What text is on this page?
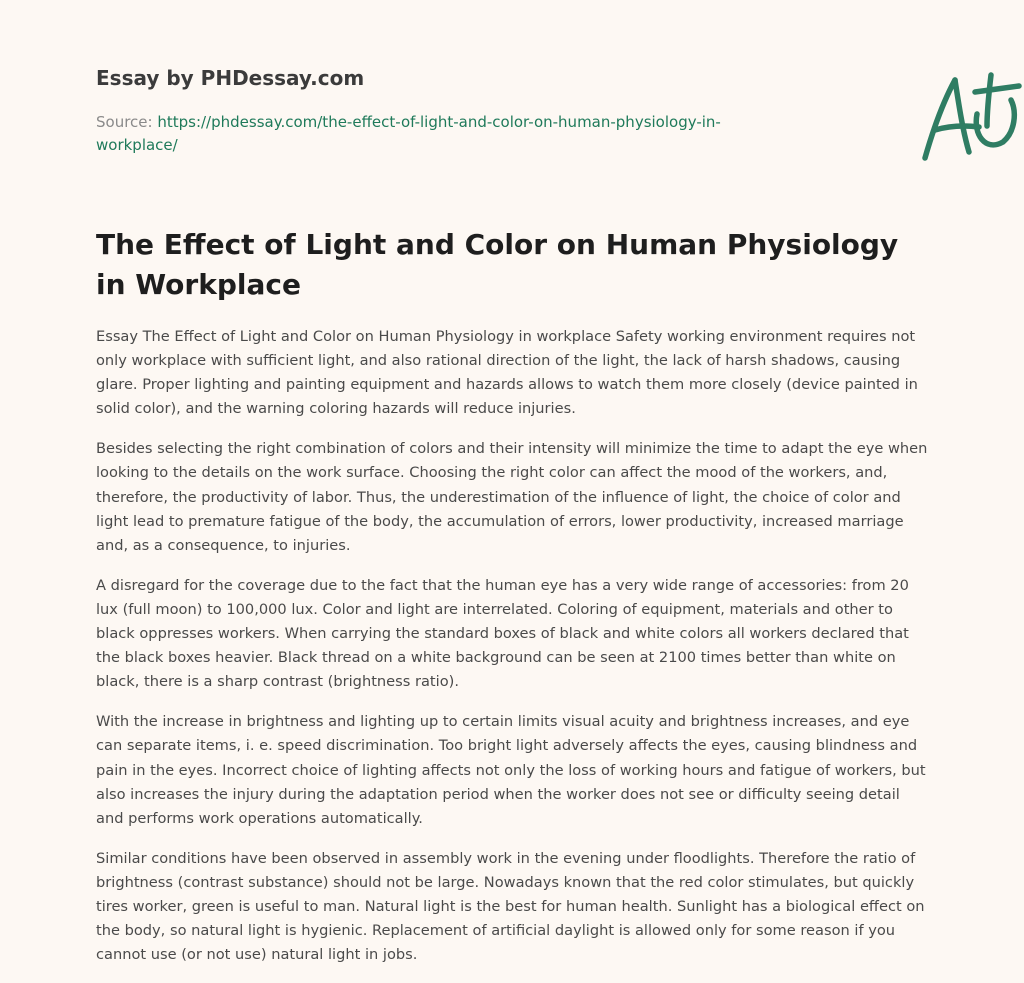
Essay by PHDessay.com

Source: https://phdessay.com/the-effect-of-light-and-color-on-human-physiology-in-workplace/

The Effect of Light and Color on Human Physiology in Workplace

Essay The Effect of Light and Color on Human Physiology in workplace Safety working environment requires not only workplace with sufficient light, and also rational direction of the light, the lack of harsh shadows, causing glare. Proper lighting and painting equipment and hazards allows to watch them more closely (device painted in solid color), and the warning coloring hazards will reduce injuries.

Besides selecting the right combination of colors and their intensity will minimize the time to adapt the eye when looking to the details on the work surface. Choosing the right color can affect the mood of the workers, and, therefore, the productivity of labor. Thus, the underestimation of the influence of light, the choice of color and light lead to premature fatigue of the body, the accumulation of errors, lower productivity, increased marriage and, as a consequence, to injuries.

A disregard for the coverage due to the fact that the human eye has a very wide range of accessories: from 20 lux (full moon) to 100,000 lux. Color and light are interrelated. Coloring of equipment, materials and other to black oppresses workers. When carrying the standard boxes of black and white colors all workers declared that the black boxes heavier. Black thread on a white background can be seen at 2100 times better than white on black, there is a sharp contrast (brightness ratio).

With the increase in brightness and lighting up to certain limits visual acuity and brightness increases, and eye can separate items, i. e. speed discrimination. Too bright light adversely affects the eyes, causing blindness and pain in the eyes. Incorrect choice of lighting affects not only the loss of working hours and fatigue of workers, but also increases the injury during the adaptation period when the worker does not see or difficulty seeing detail and performs work operations automatically.

Similar conditions have been observed in assembly work in the evening under floodlights. Therefore the ratio of brightness (contrast substance) should not be large. Nowadays known that the red color stimulates, but quickly tires worker, green is useful to man. Natural light is the best for human health. Sunlight has a biological effect on the body, so natural light is hygienic. Replacement of artificial daylight is allowed only for some reason if you cannot use (or not use) natural light in jobs.
